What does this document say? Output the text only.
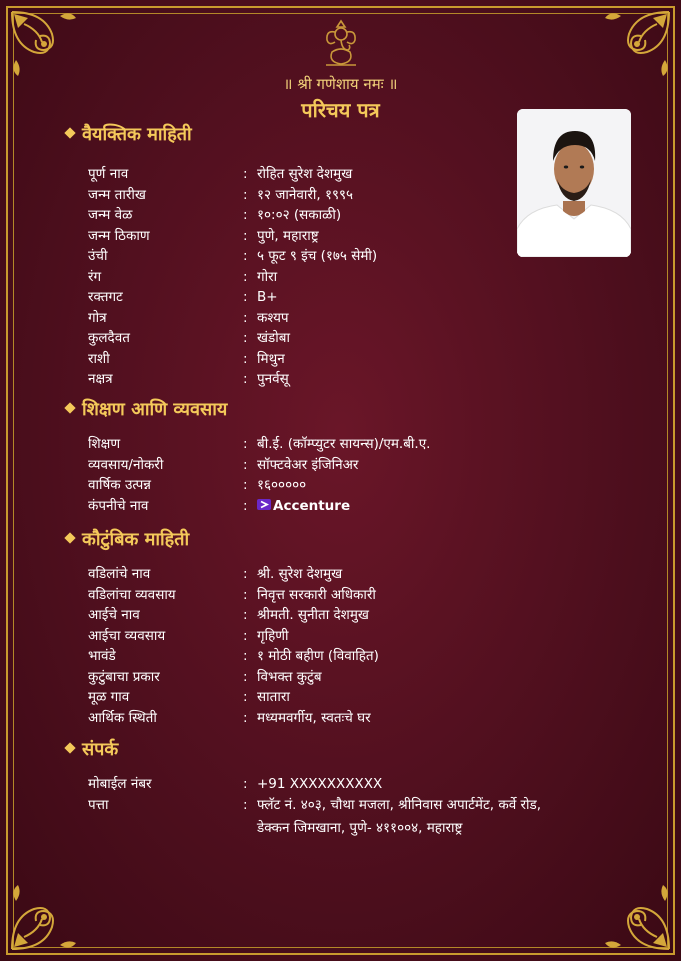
॥ श्री गणेशाय नमः ॥
परिचय पत्र
वैयक्तिक माहिती
पूर्ण नाव	: रोहित सुरेश देशमुख
जन्म तारीख	: १२ जानेवारी, १९९५
जन्म वेळ	: १०:०२ (सकाळी)
जन्म ठिकाण	: पुणे, महाराष्ट्र
उंची	: ५ फूट ९ इंच (१७५ सेमी)
रंग	: गोरा
रक्तगट	: B+
गोत्र	: कश्यप
कुलदैवत	: खंडोबा
राशी	: मिथुन
नक्षत्र	: पुनर्वसू
शिक्षण आणि व्यवसाय
शिक्षण	: बी.ई. (कॉम्प्युटर सायन्स)/एम.बी.ए.
व्यवसाय/नोकरी	: सॉफ्टवेअर इंजिनिअर
वार्षिक उत्पन्न	: १६०००००
कंपनीचे नाव	:	Accenture
कौटुंबिक माहिती
वडिलांचे नाव	: श्री. सुरेश देशमुख
वडिलांचा व्यवसाय	: निवृत्त सरकारी अधिकारी
आईचे नाव	: श्रीमती. सुनीता देशमुख
आईचा व्यवसाय	: गृहिणी
भावंडे	: १ मोठी बहीण (विवाहित)
कुटुंबाचा प्रकार	: विभक्त कुटुंब
मूळ गाव	: सातारा
आर्थिक स्थिती	: मध्यमवर्गीय, स्वतःचे घर
संपर्क
मोबाईल नंबर	: +91 XXXXXXXXXX
पत्ता	: फ्लॅट नं. ४०३, चौथा मजला, श्रीनिवास अपार्टमेंट, कर्वे रोड,
डेक्कन जिमखाना, पुणे- ४११००४, महाराष्ट्र
